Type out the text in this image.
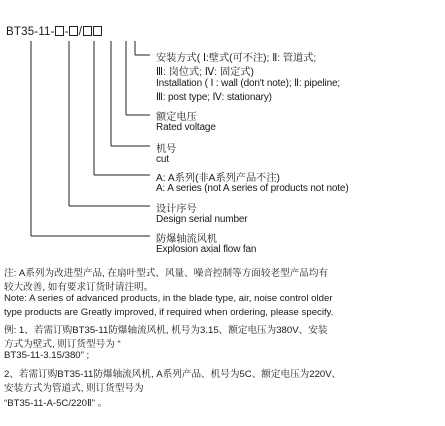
BT35-11- - /
安装方式( Ⅰ:壁式(可不注); Ⅱ: 管道式;
Ⅲ: 岗位式; Ⅳ: 固定式)
Installation ( Ⅰ : wall (don't note); Ⅱ: pipeline;
Ⅲ: post type; Ⅳ: stationary)
额定电压
Rated voltage
机号
cut
A: A系列(非A系列产品不注)
A: A series (not A series of products not note)
设计序号
Design serial number
防爆轴流风机
Explosion axial flow fan
注: A系列为改进型产品, 在扇叶型式、风量、噪音控制等方面较老型产品均有
较大改善, 如有要求订货时请注明。
Note: A series of advanced products, in the blade type, air, noise control older
type products are Greatly improved, if required when ordering, please specify.
例: 1、若需订购BT35-11防爆轴流风机, 机号为3.15、额定电压为380V、安装
方式为壁式, 则订货型号为 “
BT35-11-3.15/380” ;
2、若需订购BT35-11防爆轴流风机, A系列产品、机号为5C、额定电压为220V、
安装方式为管道式, 则订货型号为
“BT35-11-A-5C/220Ⅱ” 。
